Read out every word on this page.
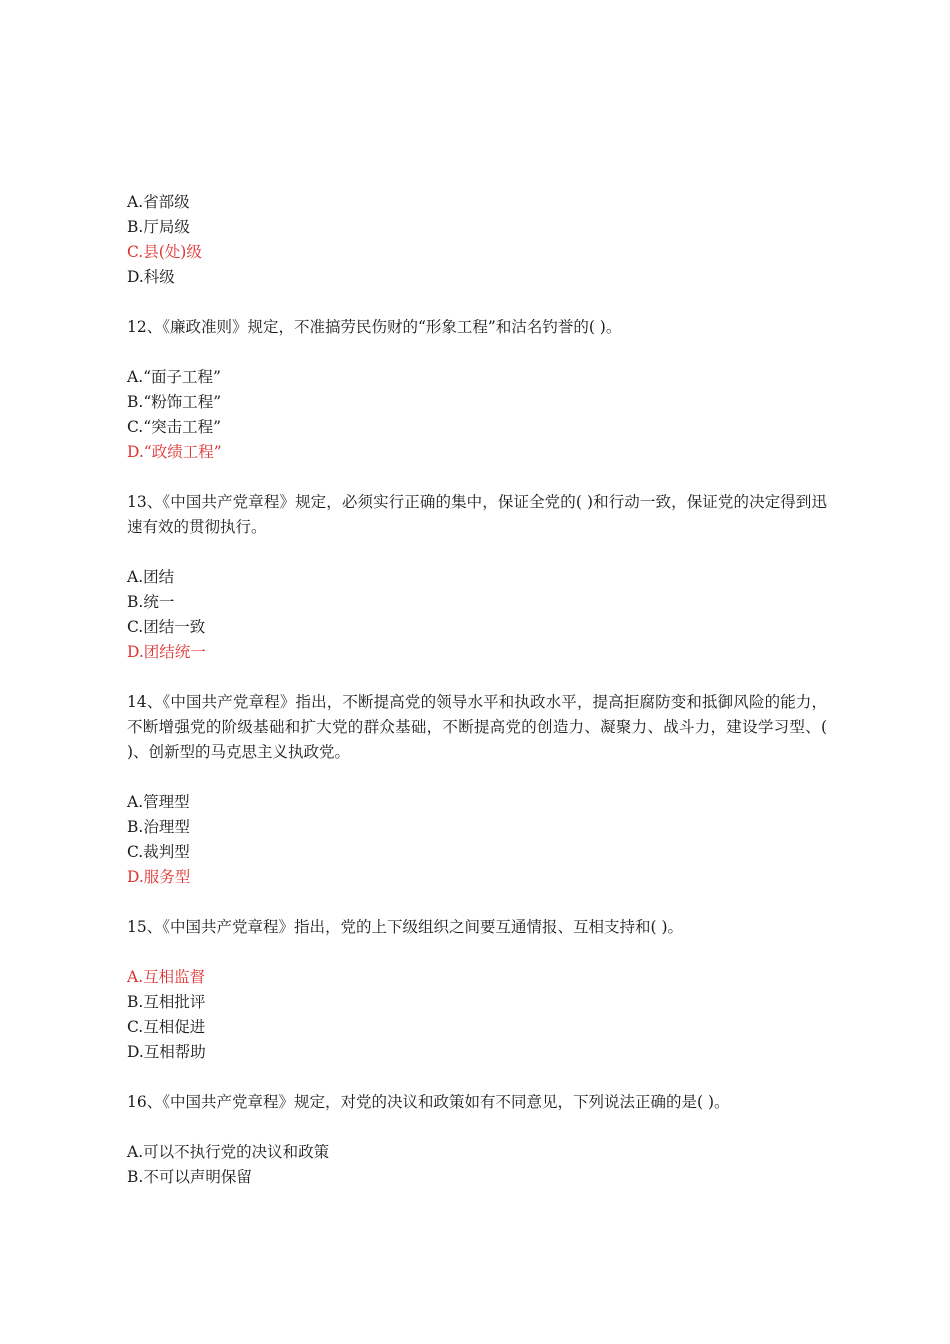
A.省部级
B.厅局级
C.县(处)级
D.科级
12、《廉政准则》规定，不准搞劳民伤财的“形象工程”和沽名钓誉的( )。
A.“面子工程”
B.“粉饰工程”
C.“突击工程”
D.“政绩工程”
13、《中国共产党章程》规定，必须实行正确的集中，保证全党的( )和行动一致，保证党的决定得到迅速有效的贯彻执行。
A.团结
B.统一
C.团结一致
D.团结统一
14、《中国共产党章程》指出，不断提高党的领导水平和执政水平，提高拒腐防变和抵御风险的能力，不断增强党的阶级基础和扩大党的群众基础，不断提高党的创造力、凝聚力、战斗力，建设学习型、( )、创新型的马克思主义执政党。
A.管理型
B.治理型
C.裁判型
D.服务型
15、《中国共产党章程》指出，党的上下级组织之间要互通情报、互相支持和( )。
A.互相监督
B.互相批评
C.互相促进
D.互相帮助
16、《中国共产党章程》规定，对党的决议和政策如有不同意见，下列说法正确的是( )。
A.可以不执行党的决议和政策
B.不可以声明保留
